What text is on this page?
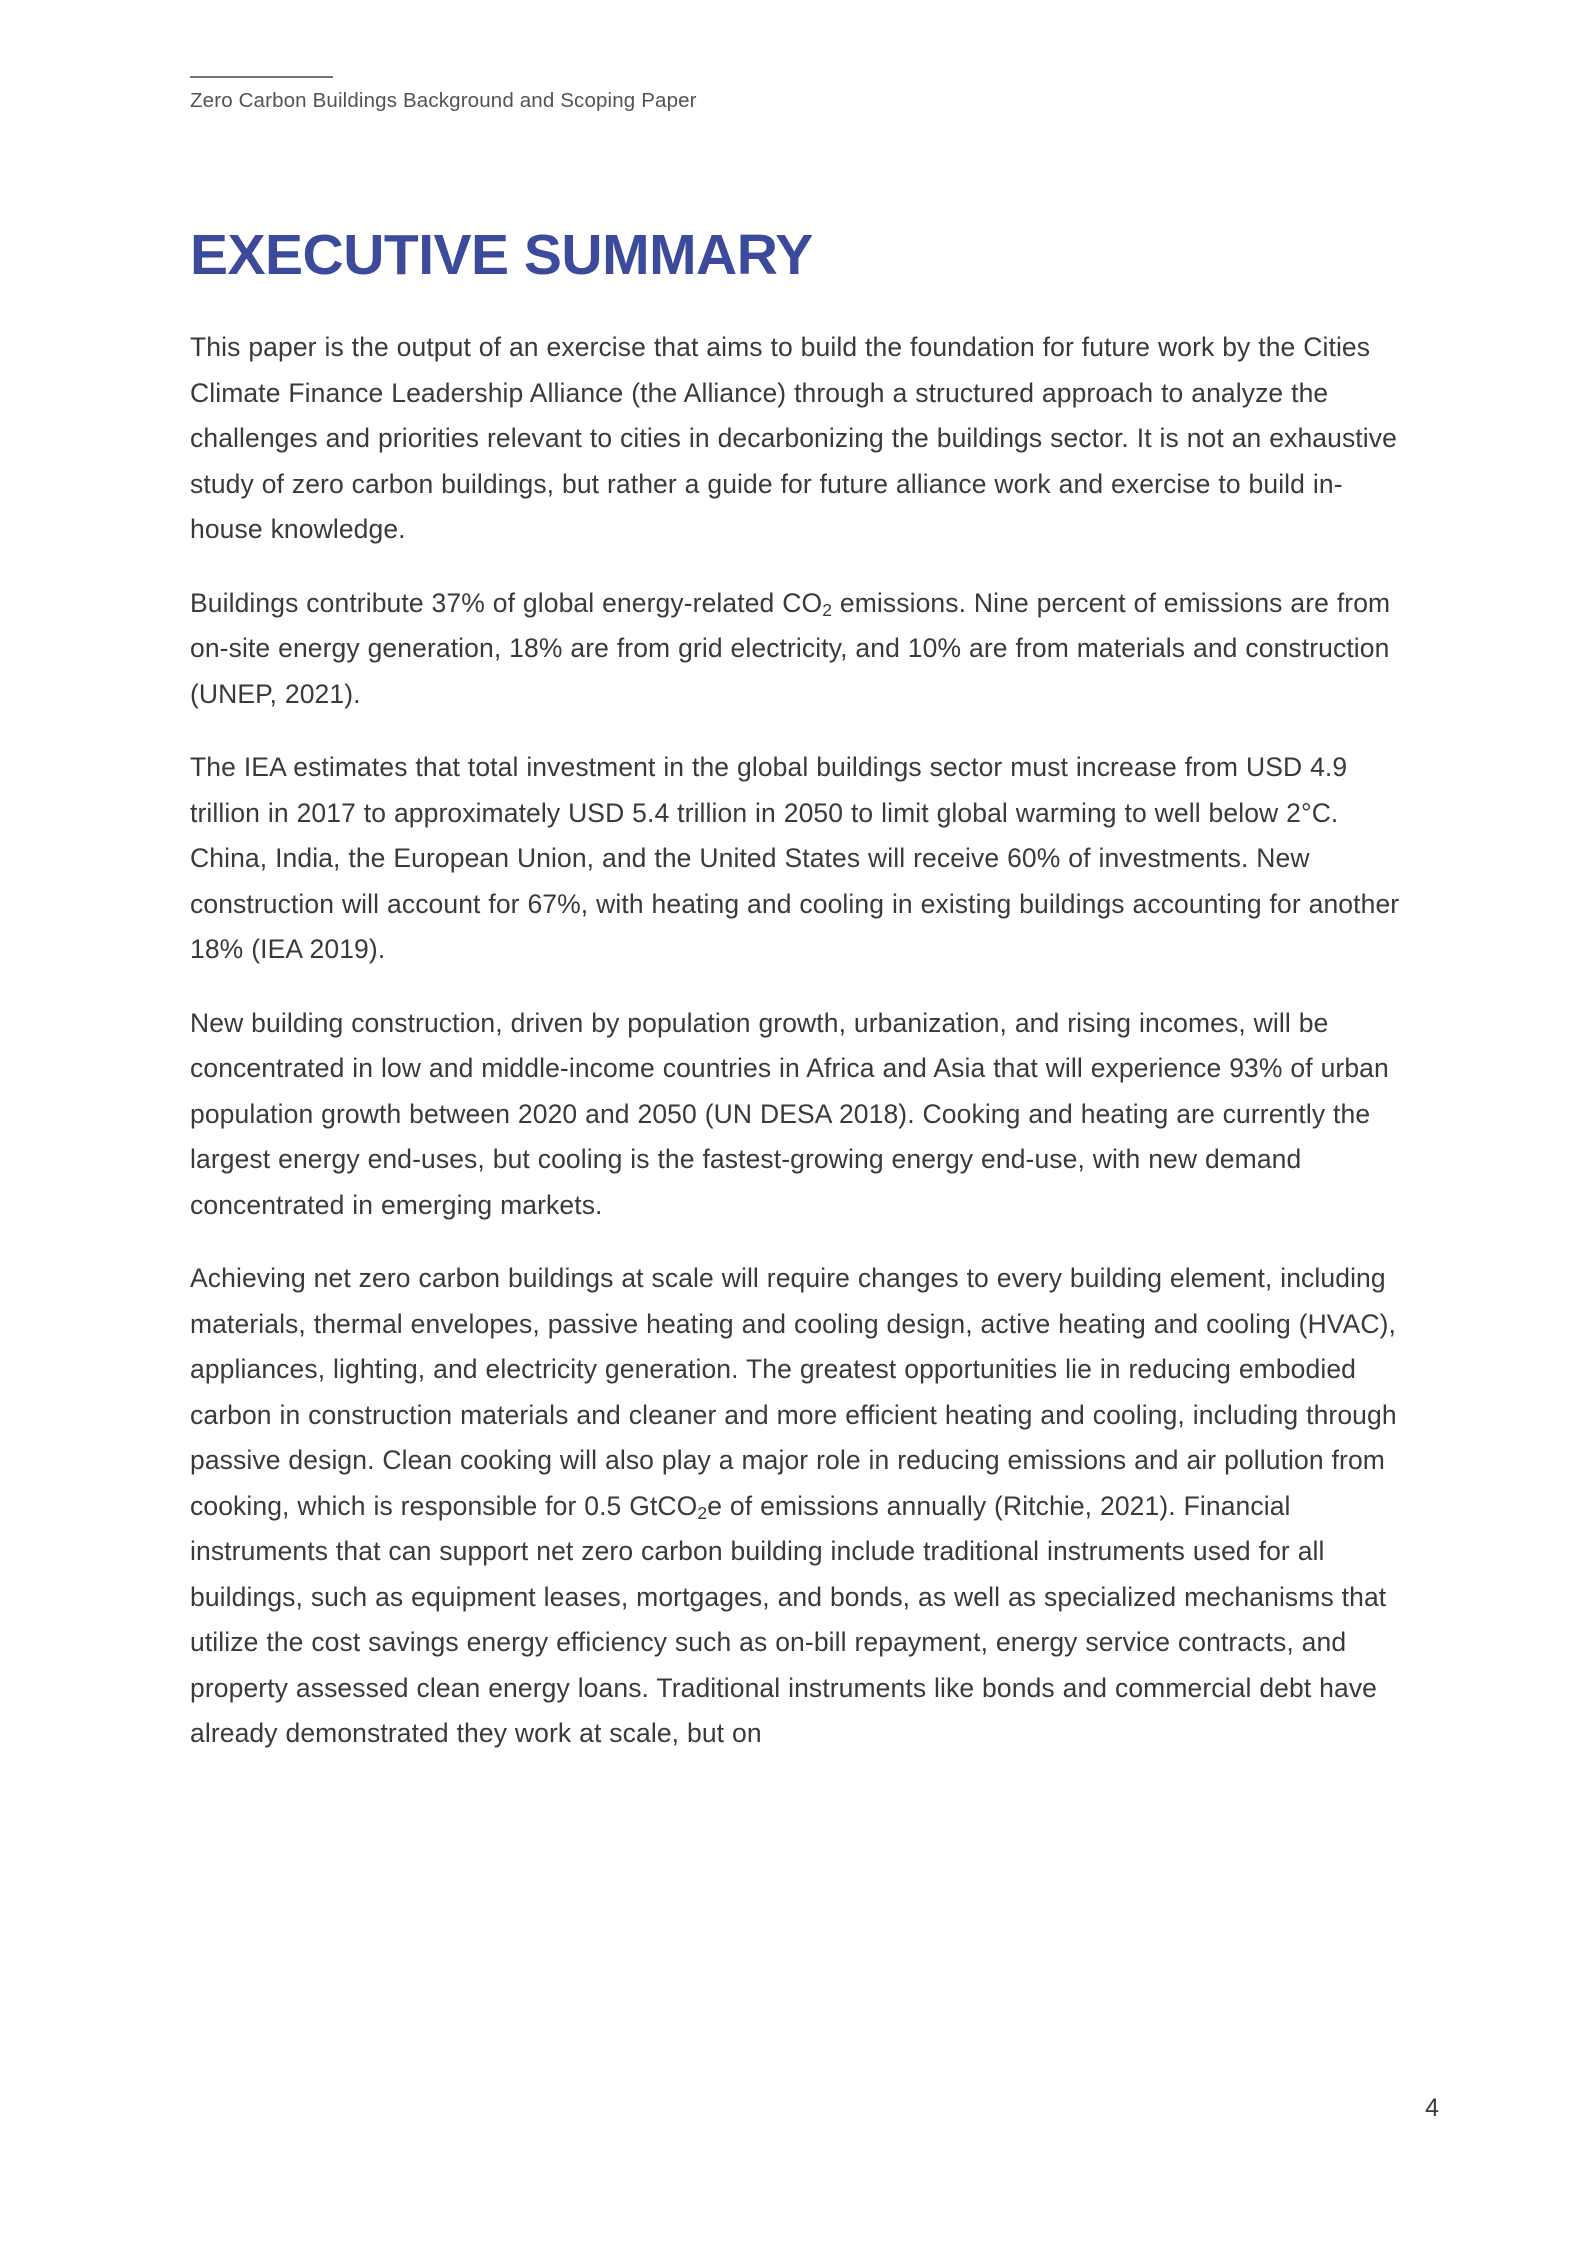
Zero Carbon Buildings Background and Scoping Paper
EXECUTIVE SUMMARY

This paper is the output of an exercise that aims to build the foundation for future work by the Cities Climate Finance Leadership Alliance (the Alliance) through a structured approach to analyze the challenges and priorities relevant to cities in decarbonizing the buildings sector. It is not an exhaustive study of zero carbon buildings, but rather a guide for future alliance work and exercise to build in-house knowledge.

Buildings contribute 37% of global energy-related $CO_2$ emissions. Nine percent of emissions are from on-site energy generation, 18% are from grid electricity, and 10% are from materials and construction (UNEP, 2021).

The IEA estimates that total investment in the global buildings sector must increase from USD 4.9 trillion in 2017 to approximately USD 5.4 trillion in 2050 to limit global warming to well below 2°C. China, India, the European Union, and the United States will receive 60% of investments. New construction will account for 67%, with heating and cooling in existing buildings accounting for another 18% (IEA 2019).

New building construction, driven by population growth, urbanization, and rising incomes, will be concentrated in low and middle-income countries in Africa and Asia that will experience 93% of urban population growth between 2020 and 2050 (UN DESA 2018). Cooking and heating are currently the largest energy end-uses, but cooling is the fastest-growing energy end-use, with new demand concentrated in emerging markets.

Achieving net zero carbon buildings at scale will require changes to every building element, including materials, thermal envelopes, passive heating and cooling design, active heating and cooling (HVAC), appliances, lighting, and electricity generation. The greatest opportunities lie in reducing embodied carbon in construction materials and cleaner and more efficient heating and cooling, including through passive design. Clean cooking will also play a major role in reducing emissions and air pollution from cooking, which is responsible for 0.5 GtCO$_2$e of emissions annually (Ritchie, 2021). Financial instruments that can support net zero carbon building include traditional instruments used for all buildings, such as equipment leases, mortgages, and bonds, as well as specialized mechanisms that utilize the cost savings energy efficiency such as on-bill repayment, energy service contracts, and property assessed clean energy loans. Traditional instruments like bonds and commercial debt have already demonstrated they work at scale, but on

4
